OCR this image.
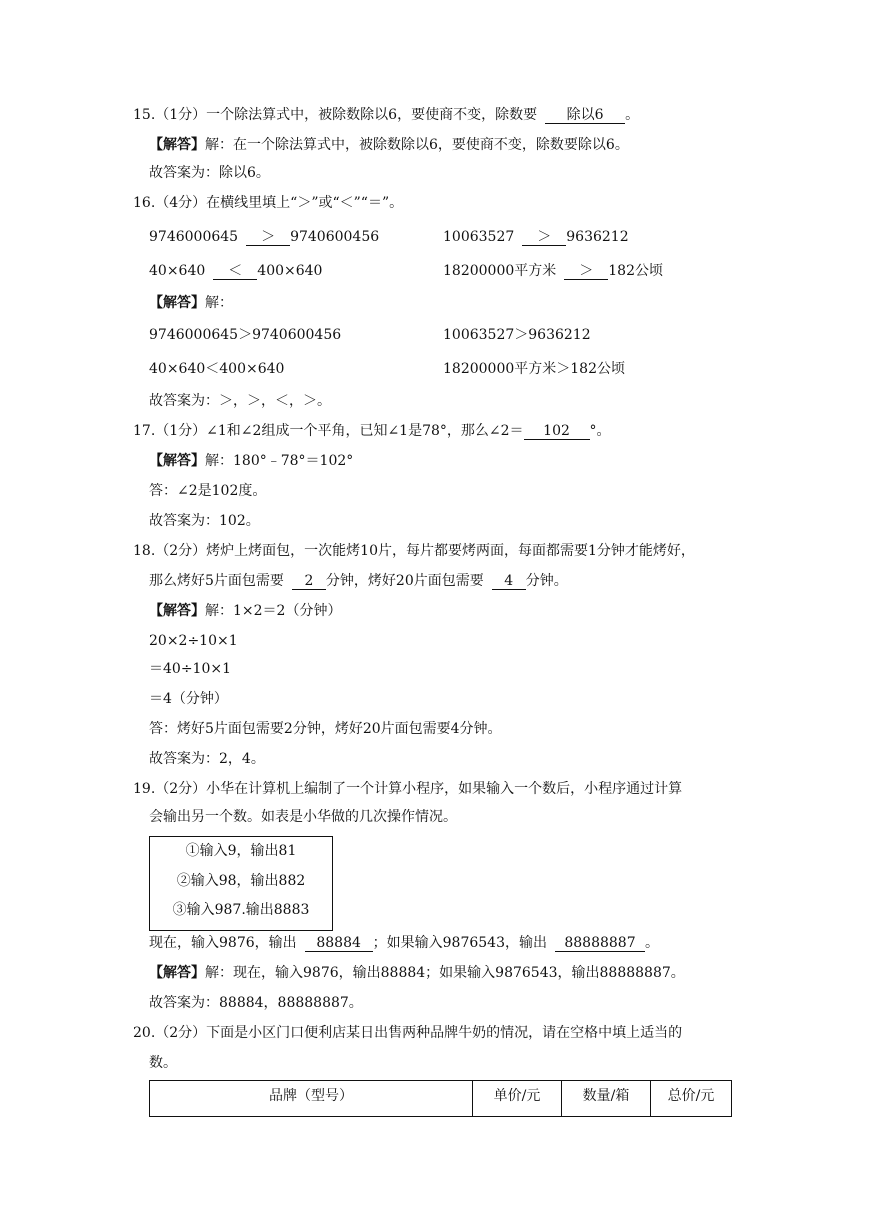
15.（1分）一个除法算式中，被除数除以6，要使商不变，除数要 除以6 。
【解答】解：在一个除法算式中，被除数除以6，要使商不变，除数要除以6。
故答案为：除以6。
16.（4分）在横线里填上“＞”或“＜”“＝”。
9746000645 ＞ 9740600456	10063527 ＞ 9636212
40×640 ＜ 400×640	18200000平方米 ＞ 182公顷
【解答】解：
9746000645＞9740600456	10063527＞9636212
40×640＜400×640	18200000平方米＞182公顷
故答案为：＞，＞，＜，＞。
17.（1分）∠1和∠2组成一个平角，已知∠1是78°，那么∠2＝ 102 °。
【解答】解：180°﹣78°＝102°
答：∠2是102度。
故答案为：102。
18.（2分）烤炉上烤面包，一次能烤10片，每片都要烤两面，每面都需要1分钟才能烤好，
那么烤好5片面包需要 2 分钟，烤好20片面包需要 4 分钟。
【解答】解：1×2＝2（分钟）
20×2÷10×1
＝40÷10×1
＝4（分钟）
答：烤好5片面包需要2分钟，烤好20片面包需要4分钟。
故答案为：2，4。
19.（2分）小华在计算机上编制了一个计算小程序，如果输入一个数后，小程序通过计算
会输出另一个数。如表是小华做的几次操作情况。
①输入9，输出81
②输入98，输出882
③输入987.输出8883
现在，输入9876，输出 88884 ；如果输入9876543，输出 88888887 。
【解答】解：现在，输入9876，输出88884；如果输入9876543，输出88888887。
故答案为：88884，88888887。
20.（2分）下面是小区门口便利店某日出售两种品牌牛奶的情况，请在空格中填上适当的
数。
品牌（型号）	单价/元	数量/箱	总价/元
